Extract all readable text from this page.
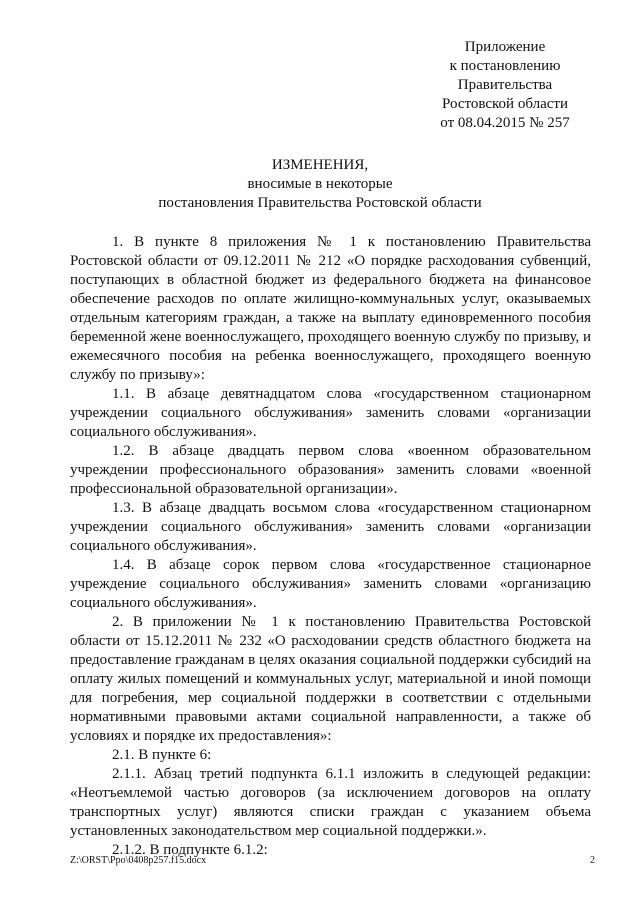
Приложение
к постановлению
Правительства
Ростовской области
от 08.04.2015 № 257
ИЗМЕНЕНИЯ,
вносимые в некоторые
постановления Правительства Ростовской области

1. В пункте 8 приложения № 1 к постановлению Правительства Ростовской области от 09.12.2011 № 212 «О порядке расходования субвенций, поступающих в областной бюджет из федерального бюджета на финансовое обеспечение расходов по оплате жилищно-коммунальных услуг, оказываемых отдельным категориям граждан, а также на выплату единовременного пособия беременной жене военнослужащего, проходящего военную службу по призыву, и ежемесячного пособия на ребенка военнослужащего, проходящего военную службу по призыву»:

1.1. В абзаце девятнадцатом слова «государственном стационарном учреждении социального обслуживания» заменить словами «организации социального обслуживания».

1.2. В абзаце двадцать первом слова «военном образовательном учреждении профессионального образования» заменить словами «военной профессиональной образовательной организации».

1.3. В абзаце двадцать восьмом слова «государственном стационарном учреждении социального обслуживания» заменить словами «организации социального обслуживания».

1.4. В абзаце сорок первом слова «государственное стационарное учреждение социального обслуживания» заменить словами «организацию социального обслуживания».

2. В приложении № 1 к постановлению Правительства Ростовской области от 15.12.2011 № 232 «О расходовании средств областного бюджета на предоставление гражданам в целях оказания социальной поддержки субсидий на оплату жилых помещений и коммунальных услуг, материальной и иной помощи для погребения, мер социальной поддержки в соответствии с отдельными нормативными правовыми актами социальной направленности, а также об условиях и порядке их предоставления»:

2.1. В пункте 6:

2.1.1. Абзац третий подпункта 6.1.1 изложить в следующей редакции: «Неотъемлемой частью договоров (за исключением договоров на оплату транспортных услуг) являются списки граждан с указанием объема установленных законодательством мер социальной поддержки.».

2.1.2. В подпункте 6.1.2:

Z:\ORST\Ppo\0408p257.f15.docx	2
